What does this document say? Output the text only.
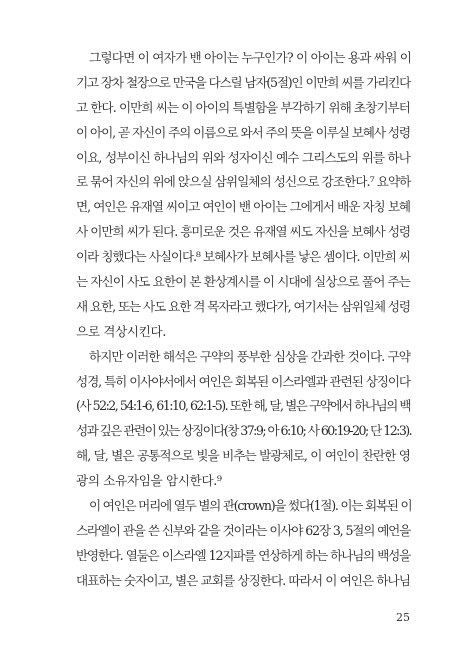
그렇다면 이 여자가 밴 아이는 누구인가? 이 아이는 용과 싸워 이
기고 장차 철장으로 만국을 다스릴 남자(5절)인 이만희 씨를 가리킨다
고 한다. 이만희 씨는 이 아이의 특별함을 부각하기 위해 초창기부터
이 아이, 곧 자신이 주의 이름으로 와서 주의 뜻을 이루실 보혜사 성령
이요, 성부이신 하나님의 위와 성자이신 예수 그리스도의 위를 하나
로 묶어 자신의 위에 앉으실 삼위일체의 성신으로 강조한다.⁷ 요약하
면, 여인은 유재열 씨이고 여인이 밴 아이는 그에게서 배운 자칭 보혜
사 이만희 씨가 된다. 흥미로운 것은 유재열 씨도 자신을 보혜사 성령
이라 칭했다는 사실이다.⁸ 보혜사가 보혜사를 낳은 셈이다. 이만희 씨
는 자신이 사도 요한이 본 환상계시를 이 시대에 실상으로 풀어 주는
새 요한, 또는 사도 요한 격 목자라고 했다가, 여기서는 삼위일체 성령
으로 격상시킨다.
하지만 이러한 해석은 구약의 풍부한 심상을 간과한 것이다. 구약
성경, 특히 이사야서에서 여인은 회복된 이스라엘과 관련된 상징이다
(사 52:2, 54:1-6, 61:10, 62:1-5). 또한 해, 달, 별은 구약에서 하나님의 백
성과 깊은 관련이 있는 상징이다(창 37:9; 아 6:10; 사 60:19-20; 단 12:3).
해, 달, 별은 공통적으로 빛을 비추는 발광체로, 이 여인이 찬란한 영
광의 소유자임을 암시한다.⁹
이 여인은 머리에 열두 별의 관(crown)을 썼다(1절). 이는 회복된 이
스라엘이 관을 쓴 신부와 같을 것이라는 이사야 62장 3, 5절의 예언을
반영한다. 열둘은 이스라엘 12지파를 연상하게 하는 하나님의 백성을
대표하는 숫자이고, 별은 교회를 상징한다. 따라서 이 여인은 하나님
25
